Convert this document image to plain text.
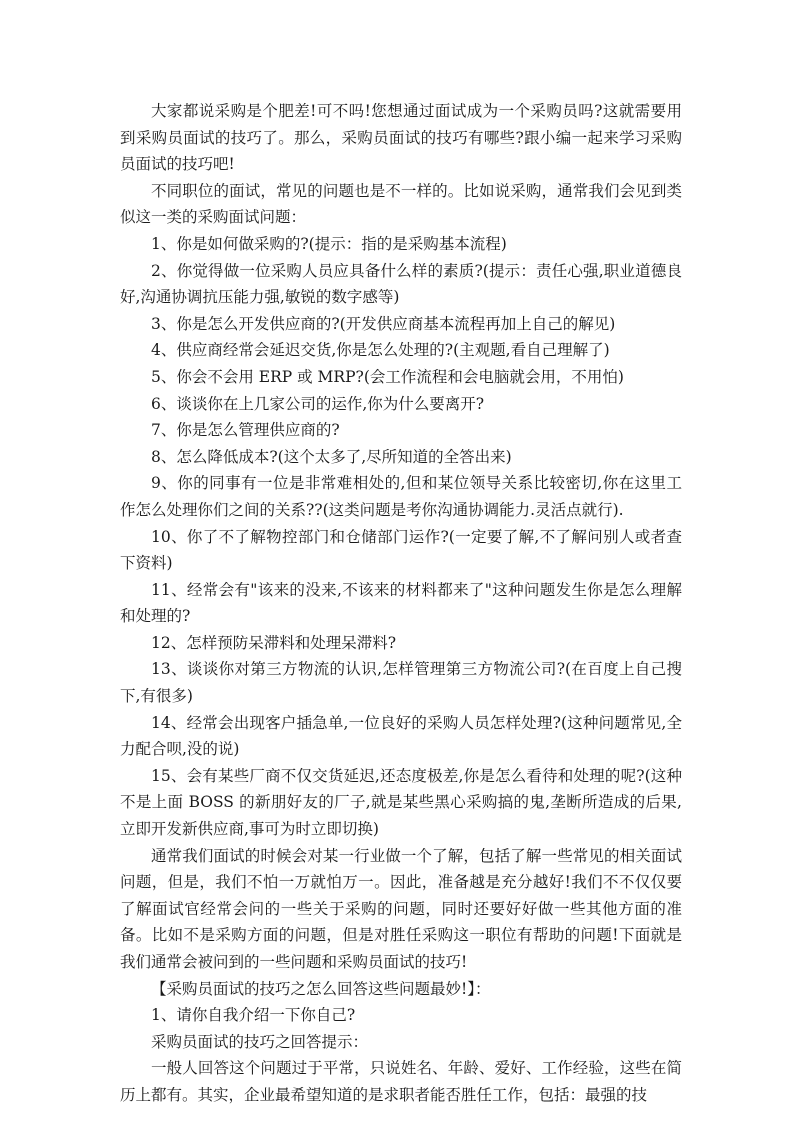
大家都说采购是个肥差!可不吗!您想通过面试成为一个采购员吗?这就需要用到采购员面试的技巧了。那么，采购员面试的技巧有哪些?跟小编一起来学习采购员面试的技巧吧!

不同职位的面试，常见的问题也是不一样的。比如说采购，通常我们会见到类似这一类的采购面试问题：

1、你是如何做采购的?(提示：指的是采购基本流程)

2、你觉得做一位采购人员应具备什么样的素质?(提示：责任心强,职业道德良好,沟通协调抗压能力强,敏锐的数字感等)

3、你是怎么开发供应商的?(开发供应商基本流程再加上自己的解见)

4、供应商经常会延迟交货,你是怎么处理的?(主观题,看自己理解了)

5、你会不会用 ERP 或 MRP?(会工作流程和会电脑就会用，不用怕)

6、谈谈你在上几家公司的运作,你为什么要离开?

7、你是怎么管理供应商的?

8、怎么降低成本?(这个太多了,尽所知道的全答出来)

9、你的同事有一位是非常难相处的,但和某位领导关系比较密切,你在这里工作怎么处理你们之间的关系??(这类问题是考你沟通协调能力.灵活点就行).

10、你了不了解物控部门和仓储部门运作?(一定要了解,不了解问别人或者查下资料)

11、经常会有"该来的没来,不该来的材料都来了"这种问题发生你是怎么理解和处理的?

12、怎样预防呆滞料和处理呆滞料?

13、谈谈你对第三方物流的认识,怎样管理第三方物流公司?(在百度上自己搜下,有很多)

14、经常会出现客户插急单,一位良好的采购人员怎样处理?(这种问题常见,全力配合呗,没的说)

15、会有某些厂商不仅交货延迟,还态度极差,你是怎么看待和处理的呢?(这种不是上面 BOSS 的新朋好友的厂子,就是某些黑心采购搞的鬼,垄断所造成的后果,立即开发新供应商,事可为时立即切换)

通常我们面试的时候会对某一行业做一个了解，包括了解一些常见的相关面试问题，但是，我们不怕一万就怕万一。因此，准备越是充分越好!我们不不仅仅要了解面试官经常会问的一些关于采购的问题，同时还要好好做一些其他方面的准备。比如不是采购方面的问题，但是对胜任采购这一职位有帮助的问题!下面就是我们通常会被问到的一些问题和采购员面试的技巧!

【采购员面试的技巧之怎么回答这些问题最妙!】：

1、请你自我介绍一下你自己?

采购员面试的技巧之回答提示：

一般人回答这个问题过于平常，只说姓名、年龄、爱好、工作经验，这些在简历上都有。其实，企业最希望知道的是求职者能否胜任工作，包括：最强的技
